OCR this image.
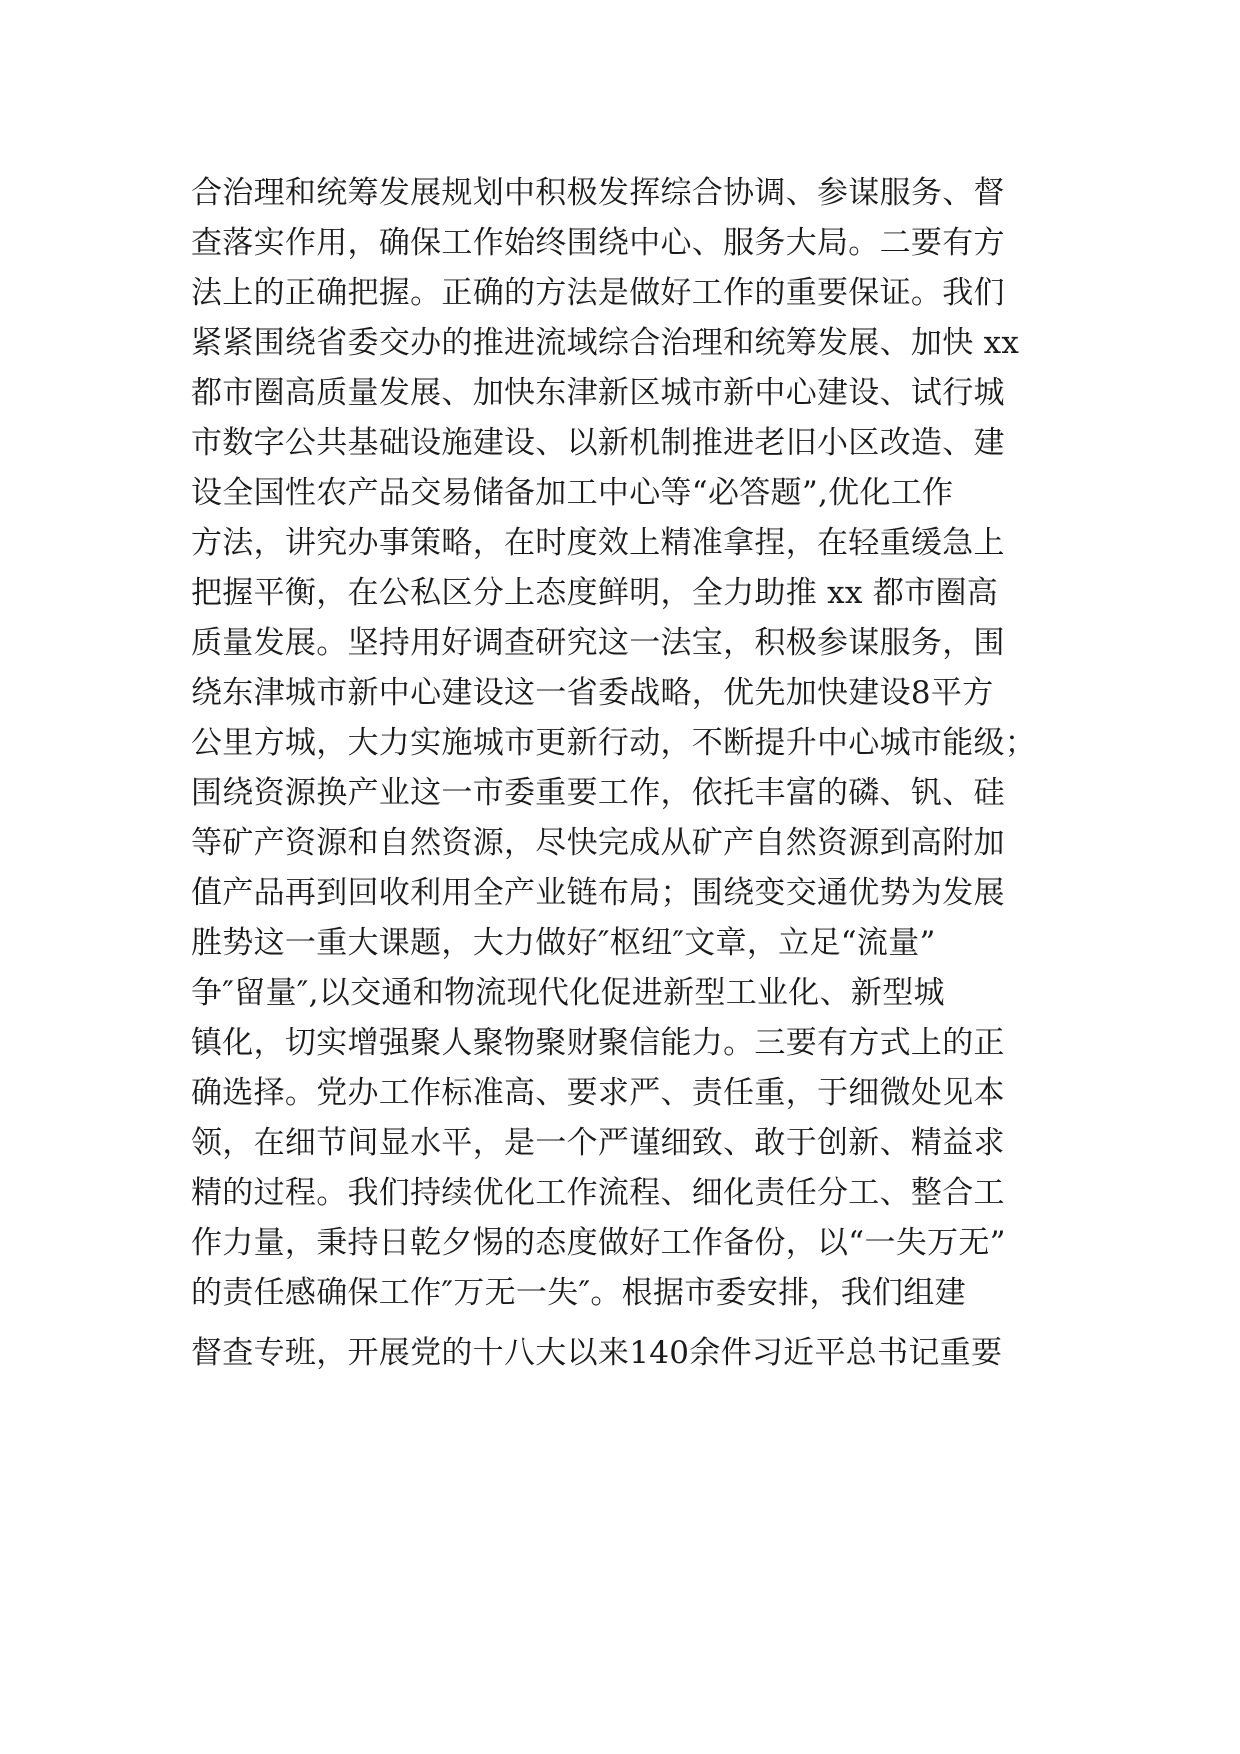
合治理和统筹发展规划中积极发挥综合协调、参谋服务、督
查落实作用，确保工作始终围绕中心、服务大局。二要有方
法上的正确把握。正确的方法是做好工作的重要保证。我们
紧紧围绕省委交办的推进流域综合治理和统筹发展、加快 xx
都市圈高质量发展、加快东津新区城市新中心建设、试行城
市数字公共基础设施建设、以新机制推进老旧小区改造、建
设全国性农产品交易储备加工中心等“必答题”,优化工作
方法，讲究办事策略，在时度效上精准拿捏，在轻重缓急上
把握平衡，在公私区分上态度鲜明，全力助推 xx 都市圈高
质量发展。坚持用好调查研究这一法宝，积极参谋服务，围
绕东津城市新中心建设这一省委战略，优先加快建设8平方
公里方城，大力实施城市更新行动，不断提升中心城市能级；
围绕资源换产业这一市委重要工作，依托丰富的磷、钒、硅
等矿产资源和自然资源，尽快完成从矿产自然资源到高附加
值产品再到回收利用全产业链布局；围绕变交通优势为发展
胜势这一重大课题，大力做好″枢纽″文章，立足“流量”
争″留量″,以交通和物流现代化促进新型工业化、新型城
镇化，切实增强聚人聚物聚财聚信能力。三要有方式上的正
确选择。党办工作标准高、要求严、责任重，于细微处见本
领，在细节间显水平，是一个严谨细致、敢于创新、精益求
精的过程。我们持续优化工作流程、细化责任分工、整合工
作力量，秉持日乾夕惕的态度做好工作备份，以“一失万无”
的责任感确保工作″万无一失″。根据市委安排，我们组建
督查专班，开展党的十八大以来140余件习近平总书记重要
